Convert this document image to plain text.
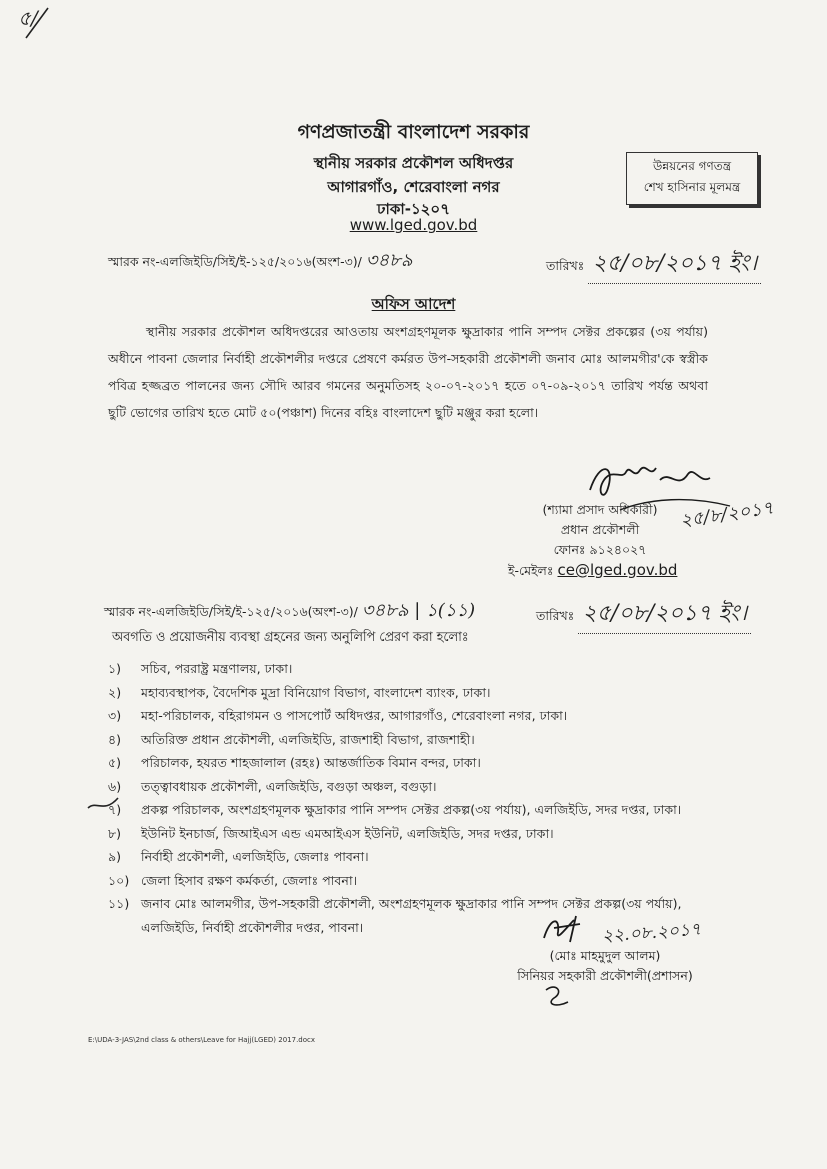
৫/
গণপ্রজাতন্ত্রী বাংলাদেশ সরকার
স্থানীয় সরকার প্রকৌশল অধিদপ্তর
আগারগাঁও, শেরেবাংলা নগর
ঢাকা-১২০৭
www.lged.gov.bd
উন্নয়নের গণতন্ত্র
শেখ হাসিনার মূলমন্ত্র
স্মারক নং-এলজিইডি/সিই/ই-১২৫/২০১৬(অংশ-৩)/ ৩৪৮৯	তারিখঃ ২৫/০৮/২০১৭ ইং।
অফিস আদেশ
স্থানীয় সরকার প্রকৌশল অধিদপ্তরের আওতায় অংশগ্রহণমূলক ক্ষুদ্রাকার পানি সম্পদ সেক্টর প্রকল্পের (৩য় পর্যায়) অধীনে পাবনা জেলার নির্বাহী প্রকৌশলীর দপ্তরে প্রেষণে কর্মরত উপ-সহকারী প্রকৌশলী জনাব মোঃ আলমগীর'কে স্বস্ত্রীক পবিত্র হজ্জব্রত পালনের জন্য সৌদি আরব গমনের অনুমতিসহ ২০-০৭-২০১৭ হতে ০৭-০৯-২০১৭ তারিখ পর্যন্ত অথবা ছুটি ভোগের তারিখ হতে মোট ৫০(পঞ্চাশ) দিনের বহিঃ বাংলাদেশ ছুটি মঞ্জুর করা হলো।
২৫/৮/২০১৭
(শ্যামা প্রসাদ অধিকারী)
প্রধান প্রকৌশলী
ফোনঃ ৯১২৪০২৭
ই-মেইলঃ ce@lged.gov.bd
স্মারক নং-এলজিইডি/সিই/ই-১২৫/২০১৬(অংশ-৩)/ ৩৪৮৯ | ১(১১)	তারিখঃ ২৫/০৮/২০১৭ ইং।
অবগতি ও প্রয়োজনীয় ব্যবস্থা গ্রহনের জন্য অনুলিপি প্রেরণ করা হলোঃ
১)	সচিব, পররাষ্ট্র মন্ত্রণালয়, ঢাকা।
২)	মহাব্যবস্থাপক, বৈদেশিক মুদ্রা বিনিয়োগ বিভাগ, বাংলাদেশ ব্যাংক, ঢাকা।
৩)	মহা-পরিচালক, বহিরাগমন ও পাসপোর্ট অধিদপ্তর, আগারগাঁও, শেরেবাংলা নগর, ঢাকা।
৪)	অতিরিক্ত প্রধান প্রকৌশলী, এলজিইডি, রাজশাহী বিভাগ, রাজশাহী।
৫)	পরিচালক, হযরত শাহজালাল (রহঃ) আন্তর্জাতিক বিমান বন্দর, ঢাকা।
৬)	তত্ত্বাবধায়ক প্রকৌশলী, এলজিইডি, বগুড়া অঞ্চল, বগুড়া।
৭)	প্রকল্প পরিচালক, অংশগ্রহণমূলক ক্ষুদ্রাকার পানি সম্পদ সেক্টর প্রকল্প(৩য় পর্যায়), এলজিইডি, সদর দপ্তর, ঢাকা।
৮)	ইউনিট ইনচার্জ, জিআইএস এন্ড এমআইএস ইউনিট, এলজিইডি, সদর দপ্তর, ঢাকা।
৯)	নির্বাহী প্রকৌশলী, এলজিইডি, জেলাঃ পাবনা।
১০) জেলা হিসাব রক্ষণ কর্মকর্তা, জেলাঃ পাবনা।
১১) জনাব মোঃ আলমগীর, উপ-সহকারী প্রকৌশলী, অংশগ্রহণমূলক ক্ষুদ্রাকার পানি সম্পদ সেক্টর প্রকল্প(৩য় পর্যায়), এলজিইডি, নির্বাহী প্রকৌশলীর দপ্তর, পাবনা।	২২.০৮.২০১৭
(মোঃ মাহমুদুল আলম)
সিনিয়র সহকারী প্রকৌশলী(প্রশাসন)
E:\UDA-3-JAS\2nd class & others\Leave for Hajj(LGED) 2017.docx
